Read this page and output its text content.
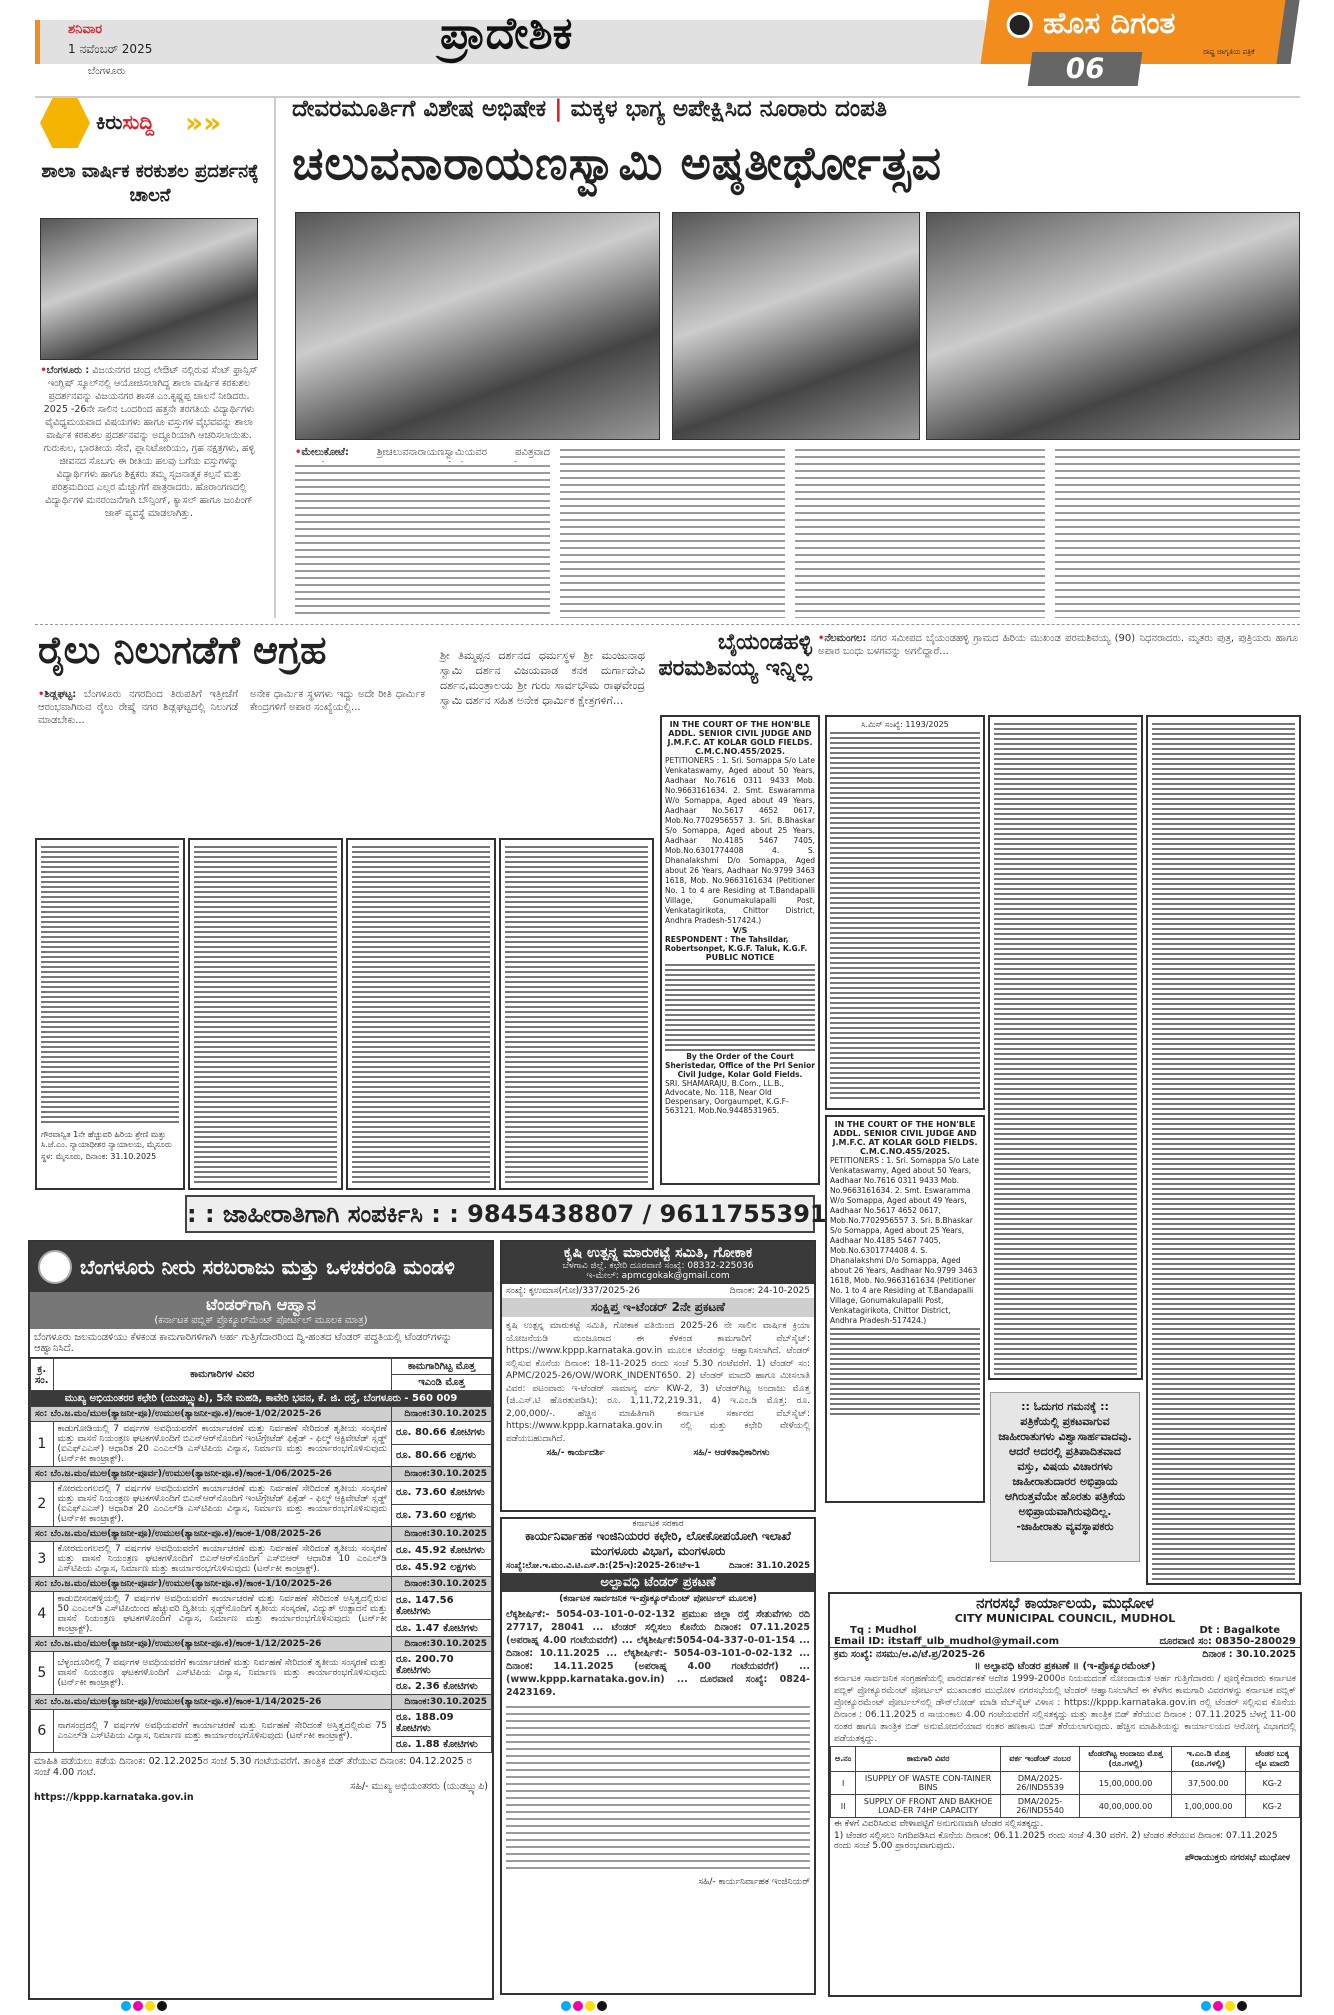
ಶನಿವಾರ
1 ನವೆಂಬರ್ 2025
ಬೆಂಗಳೂರು
ಪ್ರಾದೇಶಿಕ	ಹೊಸ ದಿಗಂತ
ರಾಷ್ಟ್ರ ಜಾಗೃತಿಯ ಪತ್ರಿಕೆ
06
ಕಿರುಸುದ್ದಿ »»
ಶಾಲಾ ವಾರ್ಷಿಕ ಕರಕುಶಲ ಪ್ರದರ್ಶನಕ್ಕೆ ಚಾಲನೆ
•ಬೆಂಗಳೂರು : ವಿಜಯನಗರ ಚಂದ್ರ ಲೇಔಟ್ ನಲ್ಲಿರುವ ಸೆಂಟ್ ಫ್ರಾನ್ಸಿಸ್ ಇಂಗ್ಲಿಷ್ ಸ್ಕೂಲ್‌ನಲ್ಲಿ ಆಯೋಜಿಸಲಾಗಿದ್ದ ಶಾಲಾ ವಾರ್ಷಿಕ ಕರಕುಶಲ ಪ್ರದರ್ಶನವನ್ನು ವಿಜಯನಗರ ಶಾಸಕ ಎಂ.ಕೃಷ್ಣಪ್ಪ ಚಾಲನೆ ನೀಡಿದರು. 2025 -26ನೇ ಸಾಲಿನ ಒಂದರಿಂದ ಹತ್ತನೇ ತರಗತಿಯ ವಿದ್ಯಾರ್ಥಿಗಳು ವೈವಿಧ್ಯಮಯವಾದ ವಿಷಯಗಳು ಹಾಗೂ ವಸ್ತುಗಳ ವೈಭವವನ್ನು ಶಾಲಾ ವಾರ್ಷಿಕ ಕರಕುಶಲ ಪ್ರದರ್ಶನವನ್ನು ಅದ್ದೂರಿಯಾಗಿ ಆಚರಿಸಲಾಯಿತು. ಗುರುಕುಲ, ಭಾರತೀಯ ಸೇನೆ, ಪ್ಲಾನಿಟೋರಿಯಂ, ಗ್ರಹ ನಕ್ಷತ್ರಗಳು, ಹಳ್ಳಿ ಜೀವನದ ಸೊಬಗು ಈ ರೀತಿಯ ಹಲವು ಬಗೆಯ ವಸ್ತುಗಳನ್ನು ವಿದ್ಯಾರ್ಥಿಗಳು ಹಾಗೂ ಶಿಕ್ಷಕರು ತಮ್ಮ ಸೃಜನಾತ್ಮಕ ಕಲ್ಪನೆ ಮತ್ತು ಪರಿಶ್ರಮದಿಂದ ಎಲ್ಲರ ಮೆಚ್ಚುಗೆಗೆ ಪಾತ್ರರಾದರು. ಹೊರಾಂಗಣದಲ್ಲಿ ವಿದ್ಯಾರ್ಥಿಗಳ ಮನರಂಜನೆಗಾಗಿ ಬೌನ್ಸಿಂಗ್, ಕ್ಯಾಸಲ್ ಹಾಗೂ ಜಂಪಿಂಗ್ ಜಾಕ್ ವ್ಯವಸ್ಥೆ ಮಾಡಲಾಗಿತ್ತು.
ದೇವರಮೂರ್ತಿಗೆ ವಿಶೇಷ ಅಭಿಷೇಕ | ಮಕ್ಕಳ ಭಾಗ್ಯ ಅಪೇಕ್ಷಿಸಿದ ನೂರಾರು ದಂಪತಿ
ಚಲುವನಾರಾಯಣಸ್ವಾಮಿ ಅಷ್ಠತೀರ್ಥೋತ್ಸವ
•ಮೇಲುಕೋಟೆ:	ಶ್ರೀಚಲುವನಾರಾಯಣಸ್ವಾಮಿಯವರ ಪವಿತ್ರವಾದ
ರೈಲು ನಿಲುಗಡೆಗೆ ಆಗ್ರಹ
•ಶಿಡ್ಲಘಟ್ಟ: ಬೆಂಗಳೂರು ನಗರದಿಂದ ತಿರುಪತಿಗೆ ಇತ್ತೀಚೆಗೆ ಆರಂಭವಾಗಿರುವ ರೈಲು ರೇಷ್ಮೆ ನಗರ ಶಿಡ್ಲಘಟ್ಟದಲ್ಲಿ ನಿಲುಗಡೆ ಮಾಡಬೇಕು...
ಅನೇಕ ಧಾರ್ಮಿಕ ಸ್ಥಳಗಳು ಇದ್ದು ಅದೇ ರೀತಿ ಧಾರ್ಮಿಕ ಕೇಂದ್ರಗಳಿಗೆ ಅಪಾರ ಸಂಖ್ಯೆಯಲ್ಲಿ...
ಶ್ರೀ ತಿಮ್ಮಪ್ಪನ ದರ್ಶನದ ಧರ್ಮಸ್ಥಳ ಶ್ರೀ ಮಂಜುನಾಥ ಸ್ವಾಮಿ ದರ್ಶನ ವಿಜಯವಾಡ ಕನಕ ದುರ್ಗಾದೇವಿ ದರ್ಶನ,ಮಂತ್ರಾಲಯ ಶ್ರೀ ಗುರು ಸಾರ್ವಭೌಮ ರಾಘವೇಂದ್ರ ಸ್ವಾಮಿ ದರ್ಶನ ಸಹಿತ ಅನೇಕ ಧಾರ್ಮಿಕ ಕ್ಷೇತ್ರಗಳಿಗೆ...
ಬೈಯಂಡಹಳ್ಳಿ ಪರಮಶಿವಯ್ಯ ಇನ್ನಿಲ್ಲ
•ನೆಲಮಂಗಲ: ನಗರ ಸಮೀಪದ ಬೈಯಂಡಹಳ್ಳಿ ಗ್ರಾಮದ ಹಿರಿಯ ಮುಖಂಡ ಪರಮಶಿವಯ್ಯ (90) ನಿಧನರಾದರು. ಮೃತರು ಪುತ್ರ, ಪುತ್ರಿಯರು ಹಾಗೂ ಅಪಾರ ಬಂಧು ಬಳಗವನ್ನು ಅಗಲಿದ್ದಾರೆ...
ಗೌರವಾನ್ವಿತ 1ನೇ ಹೆಚ್ಚುವರಿ ಹಿರಿಯ ಶ್ರೇಣಿ ಮತ್ತು ಸಿ.ಜೆ.ಎಂ. ನ್ಯಾಯಾಧೀಶರ ನ್ಯಾಯಾಲಯ, ಮೈಸೂರು
ಸ್ಥಳ: ಮೈಸೂರು, ದಿನಾಂಕ: 31.10.2025
IN THE COURT OF THE HON'BLE ADDL. SENIOR CIVIL JUDGE AND J.M.F.C. AT KOLAR GOLD FIELDS.
C.M.C.NO.455/2025.
PETITIONERS : 1. Sri. Somappa S/o Late Venkataswamy, Aged about 50 Years, Aadhaar No.7616 0311 9433 Mob. No.9663161634. 2. Smt. Eswaramma W/o Somappa, Aged about 49 Years, Aadhaar No.5617 4652 0617, Mob.No.7702956557 3. Sri. B.Bhaskar S/o Somappa, Aged about 25 Years, Aadhaar No.4185 5467 7405, Mob.No.6301774408 4. S. Dhanalakshmi D/o Somappa, Aged about 26 Years, Aadhaar No.9799 3463 1618, Mob. No.9663161634 (Petitioner No. 1 to 4 are Residing at T.Bandapalli Village, Gonumakulapalli Post, Venkatagirikota, Chittor District, Andhra Pradesh-517424.)
V/S
RESPONDENT : The Tahsildar, Robertsonpet, K.G.F. Taluk, K.G.F.
PUBLIC NOTICE
By the Order of the Court Sheristedar, Office of the Prl Senior Civil Judge, Kolar Gold Fields.
SRI. SHAMARAJU, B.Com., LL.B., Advocate, No. 118, Near Old Despensary, Oorgaumpet, K.G.F-563121. Mob.No.9448531965.
ಸಿ.ಮಿಸ್ ಸಂಖ್ಯೆ: 1193/2025
IN THE COURT OF THE HON'BLE ADDL. SENIOR CIVIL JUDGE AND J.M.F.C. AT KOLAR GOLD FIELDS.
C.M.C.NO.455/2025.
PETITIONERS : 1. Sri. Somappa S/o Late Venkataswamy, Aged about 50 Years, Aadhaar No.7616 0311 9433 Mob. No.9663161634. 2. Smt. Eswaramma W/o Somappa, Aged about 49 Years, Aadhaar No.5617 4652 0617, Mob.No.7702956557 3. Sri. B.Bhaskar S/o Somappa, Aged about 25 Years, Aadhaar No.4185 5467 7405, Mob.No.6301774408 4. S. Dhanalakshmi D/o Somappa, Aged about 26 Years, Aadhaar No.9799 3463 1618, Mob. No.9663161634 (Petitioner No. 1 to 4 are Residing at T.Bandapalli Village, Gonumakulapalli Post, Venkatagirikota, Chittor District, Andhra Pradesh-517424.)
:: ಓದುಗರ ಗಮನಕ್ಕೆ ::
ಪತ್ರಿಕೆಯಲ್ಲಿ ಪ್ರಕಟವಾಗುವ ಜಾಹೀರಾತುಗಳು ವಿಶ್ವಾಸಾರ್ಹವಾದವು. ಆದರೆ ಅದರಲ್ಲಿ ಪ್ರತಿಪಾದಿತವಾದ ವಸ್ತು, ವಿಷಯ ವಿಚಾರಗಳು ಜಾಹೀರಾತುದಾರರ ಅಭಿಪ್ರಾಯ ಆಗಿರುತ್ತವೆಯೇ ಹೊರತು ಪತ್ರಿಕೆಯ ಅಭಿಪ್ರಾಯವಾಗಿರುವುದಿಲ್ಲ. -ಜಾಹೀರಾತು ವ್ಯವಸ್ಥಾಪಕರು
: : ಜಾಹೀರಾತಿಗಾಗಿ ಸಂಪರ್ಕಿಸಿ : : 9845438807 / 9611755391
ಬೆಂಗಳೂರು ನೀರು ಸರಬರಾಜು ಮತ್ತು ಒಳಚರಂಡಿ ಮಂಡಳಿ
ಟೆಂಡರ್‌ಗಾಗಿ ಆಹ್ವಾನ
(ಕರ್ನಾಟಕ ಪಬ್ಲಿಕ್ ಪ್ರೊಕ್ಯೂರ್‌ಮೆಂಟ್ ಪೋರ್ಟಲ್ ಮೂಲಕ ಮಾತ್ರ)
ಬೆಂಗಳೂರು ಜಲಮಂಡಳಿಯು ಕೆಳಕಂಡ ಕಾಮಗಾರಿಗಳಿಗಾಗಿ ಅರ್ಹ ಗುತ್ತಿಗೆದಾರರಿಂದ ದ್ವಿ-ಹಂತದ ಟೆಂಡರ್ ಪದ್ಧತಿಯಲ್ಲಿ ಟೆಂಡರ್‌ಗಳನ್ನು ಆಹ್ವಾನಿಸಿದೆ.
ಕ್ರ. ಸಂ.	ಕಾಮಗಾರಿಗಳ ವಿವರ	ಕಾಮಗಾರಿಗಿಟ್ಟ ಮೊತ್ತ
		ಇಎಂಡಿ ಮೊತ್ತ
ಮುಖ್ಯ ಅಭಿಯಂತರರ ಕಛೇರಿ (ಯುಡಬ್ಲ್ಯುಪಿ), 5ನೇ ಮಹಡಿ, ಕಾವೇರಿ ಭವನ, ಕೆ. ಜಿ. ರಸ್ತೆ, ಬೆಂಗಳೂರು - 560 009		
ಸಂ: ಬೆಂ.ಜ.ಮಂ/ಮುಅ(ತ್ಯಾಜನೀ-ಪೂ)/ಉಮುಅ(ತ್ಯಾಜನೀ-ಪೂ.ಕ)/ಕಾಂಕ-1/02/2025-26		ದಿನಾಂಕ:30.10.2025
1	ಕಾಡುಗೋಡಿಯಲ್ಲಿ 7 ವರ್ಷಗಳ ಅವಧಿಯವರೆಗೆ ಕಾರ್ಯಾಚರಣೆ ಮತ್ತು ನಿರ್ವಹಣೆ ಸೇರಿದಂತೆ ತೃತೀಯ ಸಂಸ್ಕರಣೆ ಮತ್ತು ವಾಸನೆ ನಿಯಂತ್ರಣ ಘಟಕಗಳೊಂದಿಗೆ ಬಿಎನ್ಆರ್‌ನೊಂದಿಗೆ ಇಂಟಿಗ್ರೇಟೆಡ್ ಫಿಕ್ಸೆಡ್ - ಫಿಲ್ಮ್ ಆಕ್ಟಿವೇಟೆಡ್ ಸ್ಲಡ್ಜ್ (ಐಎಫ್ಎಎಸ್) ಆಧಾರಿತ 20 ಎಂಎಲ್‌ಡಿ ಎಸ್‌ಟಿಪಿಯ ವಿನ್ಯಾಸ, ನಿರ್ಮಾಣ ಮತ್ತು ಕಾರ್ಯಾರಂಭಗೊಳಿಸುವುದು (ಟರ್ನ್‌ಕೀ ಕಾಂಟ್ರಾಕ್ಟ್).	ರೂ. 80.66 ಕೋಟಿಗಳು
		ರೂ. 80.66 ಲಕ್ಷಗಳು
ಸಂ: ಬೆಂ.ಜ.ಮಂ/ಮುಅ(ತ್ಯಾಜನೀ-ಪೂರ್ವ)/ಉಮುಅ(ತ್ಯಾಜನೀ-ಪೂ.ಕ)/ಕಾಂಕ-1/06/2025-26		ದಿನಾಂಕ:30.10.2025
2	ಕೋರಮಂಗಲದಲ್ಲಿ 7 ವರ್ಷಗಳ ಅವಧಿಯವರೆಗೆ ಕಾರ್ಯಾಚರಣೆ ಮತ್ತು ನಿರ್ವಹಣೆ ಸೇರಿದಂತೆ ತೃತೀಯ ಸಂಸ್ಕರಣೆ ಮತ್ತು ವಾಸನೆ ನಿಯಂತ್ರಣ ಘಟಕಗಳೊಂದಿಗೆ ಬಿಎನ್ಆರ್‌ನೊಂದಿಗೆ ಇಂಟಿಗ್ರೇಟೆಡ್ ಫಿಕ್ಸೆಡ್ - ಫಿಲ್ಮ್ ಆಕ್ಟಿವೇಟೆಡ್ ಸ್ಲಡ್ಜ್ (ಐಎಫ್ಎಎಸ್) ಆಧಾರಿತ 20 ಎಂಎಲ್‌ಡಿ ಎಸ್‌ಟಿಪಿಯ ವಿನ್ಯಾಸ, ನಿರ್ಮಾಣ ಮತ್ತು ಕಾರ್ಯಾರಂಭಗೊಳಿಸುವುದು (ಟರ್ನ್‌ಕೀ ಕಾಂಟ್ರಾಕ್ಟ್).	ರೂ. 73.60 ಕೋಟಿಗಳು
		ರೂ. 73.60 ಲಕ್ಷಗಳು
ಸಂ: ಬೆಂ.ಜ.ಮಂ/ಮುಅ(ತ್ಯಾಜನೀ-ಪೂ)/ಉಮುಅ(ತ್ಯಾಜನೀ-ಪೂ.ಕ)/ಕಾಂಕ-1/08/2025-26		ದಿನಾಂಕ:30.10.2025
3	ಕೋರಮಂಗಲದಲ್ಲಿ 7 ವರ್ಷಗಳ ಅವಧಿಯವರೆಗೆ ಕಾರ್ಯಾಚರಣೆ ಮತ್ತು ನಿರ್ವಹಣೆ ಸೇರಿದಂತೆ ತೃತೀಯ ಸಂಸ್ಕರಣೆ ಮತ್ತು ವಾಸನೆ ನಿಯಂತ್ರಣ ಘಟಕಗಳೊಂದಿಗೆ ಬಿಎನ್ಆರ್‌ನೊಂದಿಗೆ ಎಸ್‌ಬಿಆರ್ ಆಧಾರಿತ 10 ಎಂಎಲ್‌ಡಿ ಎಸ್‌ಟಿಪಿಯ ವಿನ್ಯಾಸ, ನಿರ್ಮಾಣ ಮತ್ತು ಕಾರ್ಯಾರಂಭಗೊಳಿಸುವುದು (ಟರ್ನ್‌ಕೀ ಕಾಂಟ್ರಾಕ್ಟ್).	ರೂ. 45.92 ಕೋಟಿಗಳು
		ರೂ. 45.92 ಲಕ್ಷಗಳು
ಸಂ: ಬೆಂ.ಜ.ಮಂ/ಮುಅ(ತ್ಯಾಜನೀ-ಪೂರ್ವ)/ಉಮುಅ(ತ್ಯಾಜನೀ-ಪೂ.ಕ)/ಕಾಂಕ-1/10/2025-26		ದಿನಾಂಕ:30.10.2025
4	ಕಾಡುಬೀಸನಹಳ್ಳಿಯಲ್ಲಿ 7 ವರ್ಷಗಳ ಅವಧಿಯವರೆಗೆ ಕಾರ್ಯಾಚರಣೆ ಮತ್ತು ನಿರ್ವಹಣೆ ಸೇರಿದಂತೆ ಅಸ್ತಿತ್ವದಲ್ಲಿರುವ 50 ಎಂಎಲ್‌ಡಿ ಎಸ್‌ಟಿಪಿಯಿಂದ ಹೆಚ್ಚುವರಿ ದ್ವಿತೀಯ ಸ್ಲಡ್ಜ್‌ನೊಂದಿಗೆ ತೃತೀಯ ಸಂಸ್ಕರಣೆ, ವಿದ್ಯುತ್ ಉತ್ಪಾದನೆ ಮತ್ತು ವಾಸನೆ ನಿಯಂತ್ರಣ ಘಟಕಗಳೊಂದಿಗೆ ವಿನ್ಯಾಸ, ನಿರ್ಮಾಣ ಮತ್ತು ಕಾರ್ಯಾರಂಭಗೊಳಿಸುವುದು (ಟರ್ನ್‌ಕೀ ಕಾಂಟ್ರಾಕ್ಟ್).	ರೂ. 147.56 ಕೋಟಿಗಳು
		ರೂ. 1.47 ಕೋಟಿಗಳು
ಸಂ: ಬೆಂ.ಜ.ಮಂ/ಮುಅ(ತ್ಯಾಜನೀ-ಪೂ)/ಉಮುಅ(ತ್ಯಾಜನೀ-ಪೂ.ಕ)/ಕಾಂಕ-1/12/2025-26		ದಿನಾಂಕ:30.10.2025
5	ಬೆಳ್ಳಂದೂರಿನಲ್ಲಿ 7 ವರ್ಷಗಳ ಅವಧಿಯವರೆಗೆ ಕಾರ್ಯಾಚರಣೆ ಮತ್ತು ನಿರ್ವಹಣೆ ಸೇರಿದಂತೆ ತೃತೀಯ ಸಂಸ್ಕರಣೆ ಮತ್ತು ವಾಸನೆ ನಿಯಂತ್ರಣ ಘಟಕಗಳೊಂದಿಗೆ ಎಸ್‌ಟಿಪಿಯ ವಿನ್ಯಾಸ, ನಿರ್ಮಾಣ ಮತ್ತು ಕಾರ್ಯಾರಂಭಗೊಳಿಸುವುದು (ಟರ್ನ್‌ಕೀ ಕಾಂಟ್ರಾಕ್ಟ್).	ರೂ. 200.70 ಕೋಟಿಗಳು
		ರೂ. 2.36 ಕೋಟಿಗಳು
ಸಂ: ಬೆಂ.ಜ.ಮಂ/ಮುಅ(ತ್ಯಾಜನೀ-ಪೂ)/ಉಮುಅ(ತ್ಯಾಜನೀ-ಪೂ.ಕ)/ಕಾಂಕ-1/14/2025-26		ದಿನಾಂಕ:30.10.2025
6	ನಾಗಸಂದ್ರದಲ್ಲಿ 7 ವರ್ಷಗಳ ಅವಧಿಯವರೆಗೆ ಕಾರ್ಯಾಚರಣೆ ಮತ್ತು ನಿರ್ವಹಣೆ ಸೇರಿದಂತೆ ಅಸ್ತಿತ್ವದಲ್ಲಿರುವ 75 ಎಂಎಲ್‌ಡಿ ಎಸ್‌ಟಿಪಿಯ ವಿನ್ಯಾಸ, ನಿರ್ಮಾಣ ಮತ್ತು ಕಾರ್ಯಾರಂಭಗೊಳಿಸುವುದು (ಟರ್ನ್‌ಕೀ ಕಾಂಟ್ರಾಕ್ಟ್).	ರೂ. 188.09 ಕೋಟಿಗಳು
		ರೂ. 1.88 ಕೋಟಿಗಳು
ಮಾಹಿತಿ ಪಡೆಯಲು ಕಡೆಯ ದಿನಾಂಕ: 02.12.2025ರ ಸಂಜೆ 5.30 ಗಂಟೆಯವರೆಗೆ. ತಾಂತ್ರಿಕ ಬಿಡ್ ತೆರೆಯುವ ದಿನಾಂಕ: 04.12.2025 ರ ಸಂಜೆ 4.00 ಗಂಟೆ.
ಸಹಿ/- ಮುಖ್ಯ ಅಭಿಯಂತರರು (ಯುಡಬ್ಲ್ಯುಪಿ)
https://kppp.karnataka.gov.in
ಕೃಷಿ ಉತ್ಪನ್ನ ಮಾರುಕಟ್ಟೆ ಸಮಿತಿ, ಗೋಕಾಕ
ಬೆಳಗಾವಿ ಜಿಲ್ಲೆ. ಕಛೇರಿ ದೂರವಾಣಿ ಸಂಖ್ಯೆ: 08332-225036
ಇ-ಮೇಲ್: apmcgokak@gmail.com
ಸಂಖ್ಯೆ: ಕೃಉಮಾಸ(ಗೋ)/337/2025-26	ದಿನಾಂಕ: 24-10-2025
ಸಂಕ್ಷಿಪ್ತ ಇ-ಟೆಂಡರ್ 2ನೇ ಪ್ರಕಟಣೆ
ಕೃಷಿ ಉತ್ಪನ್ನ ಮಾರುಕಟ್ಟೆ ಸಮಿತಿ, ಗೋಕಾಕ ವತಿಯಿಂದ 2025-26 ನೇ ಸಾಲಿನ ವಾರ್ಷಿಕ ಕ್ರಿಯಾ ಯೋಜನೆಯಡಿ ಮಂಜೂರಾದ ಈ ಕೆಳಕಂಡ ಕಾಮಗಾರಿಗೆ ವೆಬ್‌ಸೈಟ್: https://www.kppp.karnataka.gov.in ಮೂಲಕ ಟೆಂಡರನ್ನು ಆಹ್ವಾನಿಸಲಾಗಿದೆ. ಟೆಂಡರ್ ಸಲ್ಲಿಸುವ ಕೊನೆಯ ದಿನಾಂಕ: 18-11-2025 ರಂದು ಸಂಜೆ 5.30 ಗಂಟೆವರೆಗೆ. 1) ಟೆಂಡರ್ ಸಂ: APMC/2025-26/OW/WORK_INDENT650. 2) ಟೆಂಡರ್ ಮಾದರಿ ಹಾಗೂ ಮೀಸಲಾತಿ ವಿವರ: ಪಟಂವಾರು ಇ-ಟೆಂಡರ್ ಸಾಮಾನ್ಯ ವರ್ಗ KW-2, 3) ಟೆಂಡರ್‌ಗಿಟ್ಟ ಅಂದಾಜು ಮೊತ್ತ (ಜಿ.ಎಸ್.ಟಿ ಹೊರತುಪಡಿಸಿ): ರೂ. 1,11,72,219.31, 4) ಇ.ಎಂ.ಡಿ ಮೊತ್ತ: ರೂ. 2,00,000/-. ಹೆಚ್ಚಿನ ಮಾಹಿತಿಗಾಗಿ ಕರ್ನಾಟಕ ಸರ್ಕಾರದ ವೆಬ್‌ಸೈಟ್: https://www.kppp.karnataka.gov.in ನಲ್ಲಿ ಮತ್ತು ಕಛೇರಿ ವೇಳೆಯಲ್ಲಿ ಪಡೆಯಬಹುದಾಗಿದೆ.
ಸಹಿ/- ಕಾರ್ಯದರ್ಶಿ	ಸಹಿ/- ಆಡಳಿತಾಧಿಕಾರಿಗಳು
ಕರ್ನಾಟಕ ಸರಕಾರ
ಕಾರ್ಯನಿರ್ವಾಹಕ ಇಂಜಿನಿಯರರ ಕಛೇರಿ, ಲೋಕೋಪಯೋಗಿ ಇಲಾಖೆ ಮಂಗಳೂರು ವಿಭಾಗ, ಮಂಗಳೂರು
ಸಂಖ್ಯೆ:ಲೋ.ಇ.ಮಂ.ವಿ.ಟಿ.ಎಸ್.ಡಿ:(25ಇ):2025-26:ಟೆಇ-1	ದಿನಾಂಕ: 31.10.2025
ಅಲ್ಪಾವಧಿ ಟೆಂಡರ್ ಪ್ರಕಟಣೆ
(ಕರ್ನಾಟಕ ಸಾರ್ವಜನಿಕ ಇ-ಪ್ರೊಕ್ಯೂರ್‌ಮೆಂಟ್ ಪೋರ್ಟಲ್ ಮೂಲಕ)
ಲೆಕ್ಕಶೀರ್ಷಿಕೆ:- 5054-03-101-0-02-132 ಪ್ರಮುಖ ಜಿಲ್ಲಾ ರಸ್ತೆ ಸೇತುವೆಗಳು ರದಿ 27717, 28041 ... ಟೆಂಡರ್ ಸಲ್ಲಿಸಲು ಕೊನೆಯ ದಿನಾಂಕ: 07.11.2025 (ಅಪರಾಹ್ನ 4.00 ಗಂಟೆಯವರೆಗೆ) ... ಲೆಕ್ಕಶೀರ್ಷಿಕೆ:5054-04-337-0-01-154 ... ದಿನಾಂಕ: 10.11.2025 ... ಲೆಕ್ಕಶೀರ್ಷಿಕೆ:- 5054-03-101-0-02-132 ... ದಿನಾಂಕ: 14.11.2025 (ಅಪರಾಹ್ನ 4.00 ಗಂಟೆಯವರೆಗೆ) ... (www.kppp.karnataka.gov.in) ... ದೂರವಾಣಿ ಸಂಖ್ಯೆ: 0824-2423169.
ಸಹಿ/- ಕಾರ್ಯನಿರ್ವಾಹಕ ಇಂಜಿನಿಯರ್
ನಗರಸಭೆ ಕಾರ್ಯಾಲಯ, ಮುಧೋಳ
CITY MUNICIPAL COUNCIL, MUDHOL
Tq : Mudhol	Dt : Bagalkote
Email ID: itstaff_ulb_mudhol@ymail.com	ದೂರವಾಣಿ ಸಂ: 08350-280029
ಕ್ರಮ ಸಂಖ್ಯೆ: ನಸಮು/ಆ.ವಿ/ಟೆ.ಪ್ರ/2025-26	ದಿನಾಂಕ : 30.10.2025
॥ ಅಲ್ಪಾವಧಿ ಟೆಂಡರ ಪ್ರಕಟಣೆ ॥ (ಇ-ಪ್ರೊಕ್ಯೂರಮೆಂಟ್)
ಕರ್ನಾಟಕ ಸಾರ್ವಜನಿಕ ಸಂಗ್ರಹಣೆಯಲ್ಲಿ ಪಾರದರ್ಶಕತೆ ಆದೇಶ 1999-2000ರ ನಿಯಮದಂತೆ ನೋಂದಾಯಿತ ಅರ್ಹ ಗುತ್ತಿಗೆದಾರರು / ಪೂರೈಕೆದಾರರು ಕರ್ನಾಟಕ ಪಬ್ಲಿಕ್ ಪ್ರೋಕ್ಯೂರಮೆಂಟ್ ಪೋರ್ಟಲ್ ಮುಖಾಂತರ ಮುಧೋಳ ನಗರಸಭೆಯಲ್ಲಿ ಟೆಂಡರ್ ಆಹ್ವಾನಿಸಲಾಗಿದೆ ಈ ಕೆಳಗಿನ ಕಾಮಗಾರಿ ವಿವರಗಳನ್ನು ಕರ್ನಾಟಕ ಪಬ್ಲಿಕ್ ಪ್ರೋಕ್ಯೂರಮೆಂಟ್ ಪೋರ್ಟಲ್‌ನಲ್ಲಿ ಡೌನ್‌ಲೋಡ್ ಮಾಡಿ ವೆಬ್‌ಸೈಟ್ ವಿಳಾಸ : https://kppp.karnataka.gov.in ರಲ್ಲಿ ಟೆಂಡರ್ ಸಲ್ಲಿಸುವ ಕೊನೆಯ ದಿನಾಂಕ : 06.11.2025 ರ ಸಾಯಂಕಾಲ 4.00 ಗಂಟೆಯವರೆಗೆ ಸಲ್ಲಿಸತಕ್ಕದ್ದು ಮತ್ತು ತಾಂತ್ರಿಕ ಬಿಡ್ ತೆರೆಯುವ ದಿನಾಂಕ : 07.11.2025 ಬೆಳಗ್ಗೆ 11-00 ನಂತರ ಹಾಗೂ ತಾಂತ್ರಿಕ ಬಿಡ್ ಅನುಮೋದನೆಯಾದ ನಂತರ ಹಣಕಾಸು ಬಿಡ್ ತೆರೆಯಲಾಗುವುದು. ಹೆಚ್ಚಿನ ಮಾಹಿತಿಯನ್ನು ಕಾರ್ಯಾಲಯದ ಆರೋಗ್ಯ ವಿಭಾಗದಲ್ಲಿ ಪಡೆಯತಕ್ಕದ್ದು.
ಅ.ನಂ	ಕಾಮಗಾರಿ ವಿವರ	ವರ್ಕ ಇಂಡೆಂಟ್ ನಂಬರ	ಟೆಂಡರಗಿಟ್ಟ ಅಂದಾಜು ಮೊತ್ತ (ರೂ.ಗಳಲ್ಲಿ)	ಇ.ಎಂ.ಡಿ ಮೊತ್ತ (ರೂ.ಗಳಲ್ಲಿ)	ಟೆಂಡರ ಬುಕ್ಕ ಲೈಟ ಮಾದರಿ
I	ISUPPLY OF WASTE CON-TAINER BINS	DMA/2025-26/IND5539	15,00,000.00	37,500.00	KG-2
II	SUPPLY OF FRONT AND BAKHOE LOAD-ER 74HP CAPACITY	DMA/2025-26/IND5540	40,00,000.00	1,00,000.00	KG-2
ಈ ಕೆಳಗೆ ವಿವರಿಸಿರುವ ವೇಳಾಪಟ್ಟಿಗೆ ಅನುಗುಣವಾಗಿ ಟೆಂಡರ ಸಲ್ಲಿಸತಕ್ಕದ್ದು.
1) ಟೆಂಡರ ಸಲ್ಲಿಸಲು ನಿಗದಿಪಡಿಸಿದ ಕೊನೆಯ ದಿನಾಂಕ: 06.11.2025 ರಂದು ಸಂಜೆ 4.30 ವರೆಗೆ. 2) ಟೆಂಡರ ತೆರೆಯುವ ದಿನಾಂಕ: 07.11.2025 ರಂದು ಸಂಜೆ 5.00 ಪ್ರಾರಂಭವಾಗುವುದು.
ಪೌರಾಯುಕ್ತರು ನಗರಸಭೆ ಮುಧೋಳ
